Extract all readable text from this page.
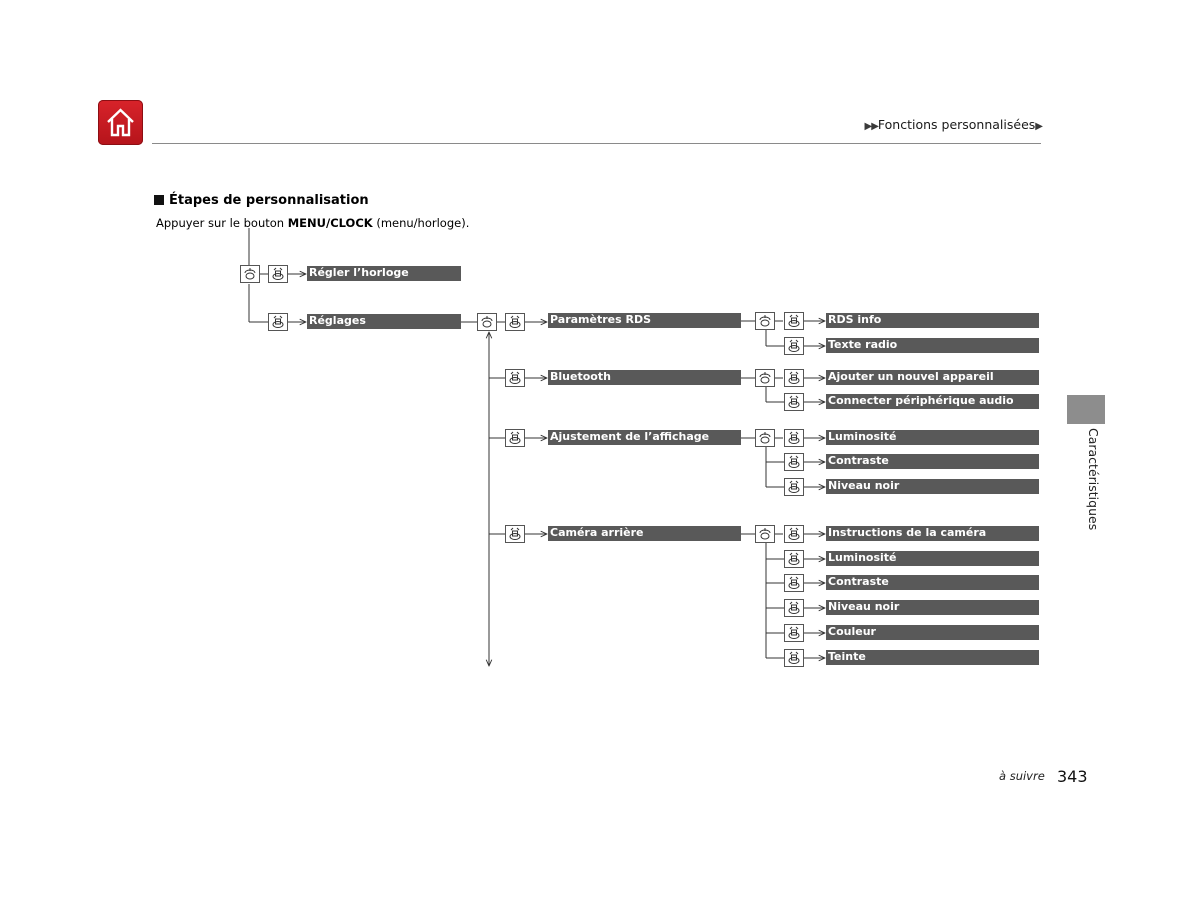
▶▶Fonctions personnalisées▶
Étapes de personnalisation
Appuyer sur le bouton MENU/CLOCK (menu/horloge).
Régler l’horloge
Réglages	Paramètres RDS
Bluetooth
Ajustement de l’affichage
Caméra arrière
RDS info
Texte radio
Ajouter un nouvel appareil
Connecter périphérique audio
Luminosité
Contraste
Niveau noir
Instructions de la caméra
Luminosité
Contraste
Niveau noir
Couleur
Teinte
Caractéristiques
à suivre 343
